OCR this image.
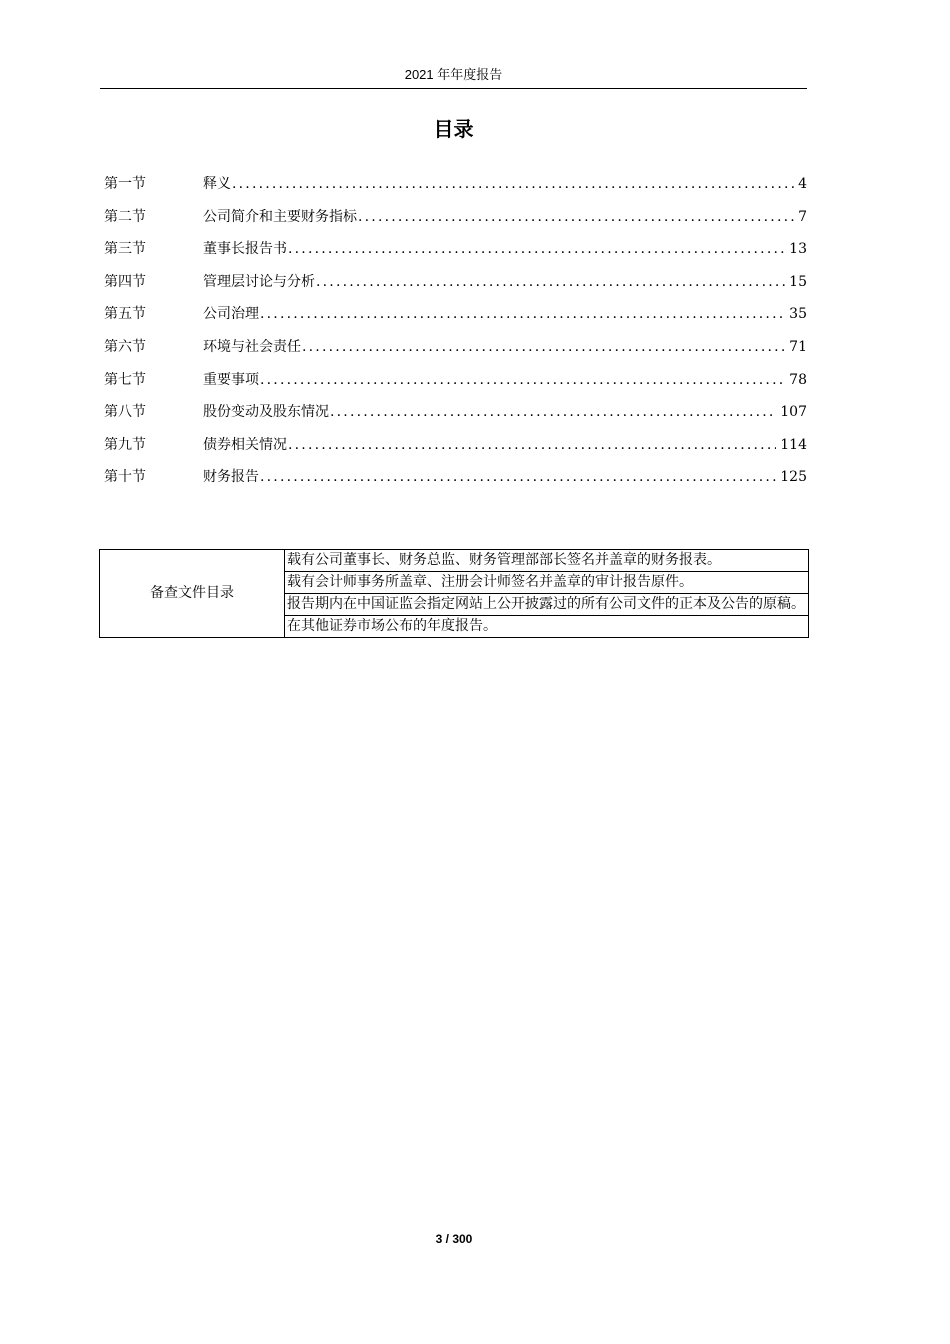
2021 年年度报告
目录
第一节	释义 .....	4
第二节	公司简介和主要财务指标 .....	7
第三节	董事长报告书 .....	13
第四节	管理层讨论与分析 .....	15
第五节	公司治理 .....	35
第六节	环境与社会责任 .....	71
第七节	重要事项 .....	78
第八节	股份变动及股东情况 .....	107
第九节	债券相关情况 .....	114
第十节	财务报告 .....	125
备查文件目录	载有公司董事长、财务总监、财务管理部部长签名并盖章的财务报表。
载有会计师事务所盖章、注册会计师签名并盖章的审计报告原件。
报告期内在中国证监会指定网站上公开披露过的所有公司文件的正本及公告的原稿。
在其他证券市场公布的年度报告。
3 / 300
